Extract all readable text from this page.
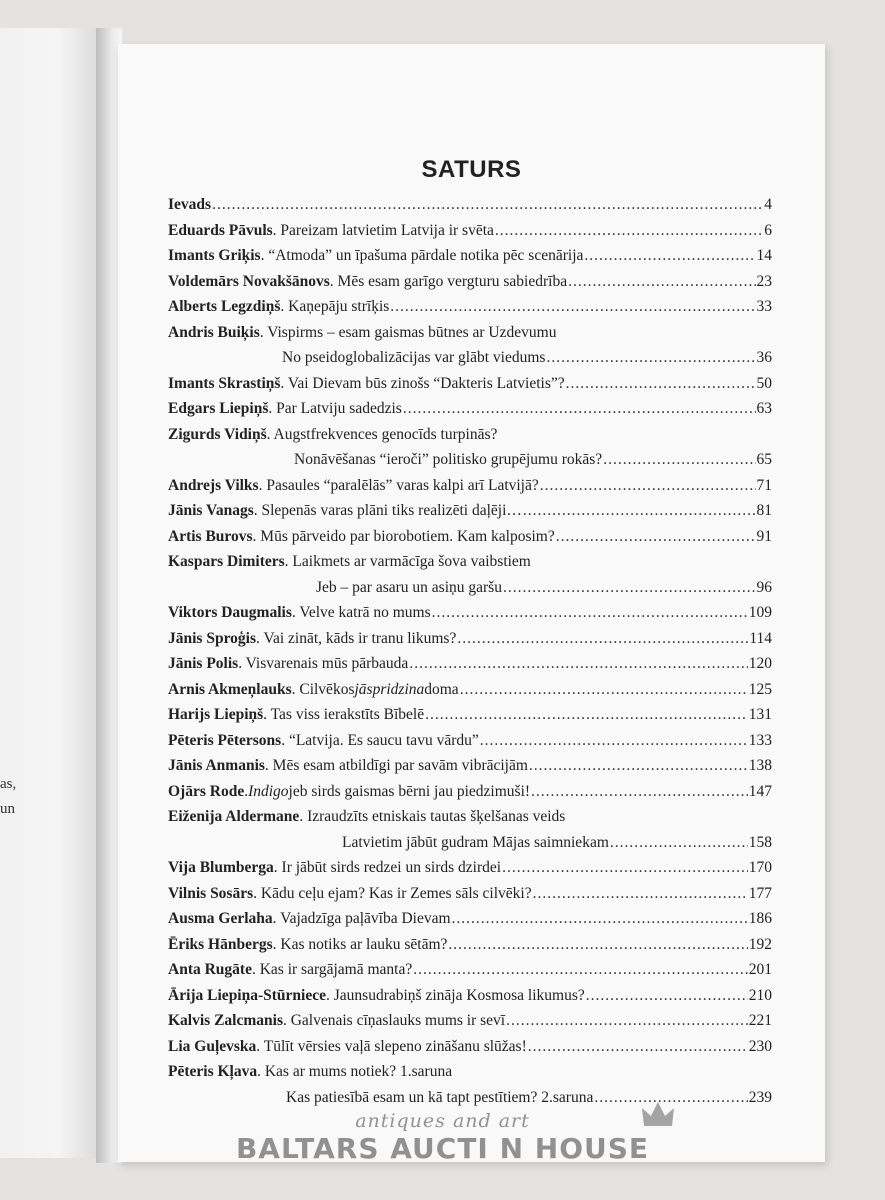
as,
un
SATURS
Ievads .....	4
Eduards Pāvuls . Pareizam latvietim Latvija ir svēta .....	6
Imants Griķis . “Atmoda” un īpašuma pārdale notika pēc scenārija .....	14
Voldemārs Novakšānovs . Mēs esam garīgo vergturu sabiedrība .....	23
Alberts Legzdiņš . Kaņepāju strīķis .....	33
Andris Buiķis . Vispirms – esam gaismas būtnes ar Uzdevumu
No pseidoglobalizācijas var glābt viedums .....	36
Imants Skrastiņš . Vai Dievam būs zinošs “Dakteris Latvietis”? .....	50
Edgars Liepiņš . Par Latviju sadedzis .....	63
Zigurds Vidiņš . Augstfrekvences genocīds turpinās?
Nonāvēšanas “ieroči” politisko grupējumu rokās? .....	65
Andrejs Vilks . Pasaules “paralēlās” varas kalpi arī Latvijā? .....	71
Jānis Vanags . Slepenās varas plāni tiks realizēti daļēji… .....	81
Artis Burovs . Mūs pārveido par biorobotiem. Kam kalposim? .....	91
Kaspars Dimiters . Laikmets ar varmācīga šova vaibstiem
Jeb – par asaru un asiņu garšu .....	96
Viktors Daugmalis . Velve katrā no mums .....	109
Jānis Sproģis . Vai zināt, kāds ir tranu likums? .....	114
Jānis Polis . Visvarenais mūs pārbauda .....	120
Arnis Akmeņlauks . Cilvēkos jāspridzina doma .....	125
Harijs Liepiņš . Tas viss ierakstīts Bībelē .....	131
Pēteris Pētersons . “Latvija. Es saucu tavu vārdu” .....	133
Jānis Anmanis . Mēs esam atbildīgi par savām vibrācijām .....	138
Ojārs Rode . Indigo jeb sirds gaismas bērni jau piedzimuši! .....	147
Eiženija Aldermane . Izraudzīts etniskais tautas šķelšanas veids
Latvietim jābūt gudram Mājas saimniekam .....	158
Vija Blumberga . Ir jābūt sirds redzei un sirds dzirdei .....	170
Vilnis Sosārs . Kādu ceļu ejam? Kas ir Zemes sāls cilvēki? .....	177
Ausma Gerlaha . Vajadzīga paļāvība Dievam .....	186
Ēriks Hānbergs . Kas notiks ar lauku sētām? .....	192
Anta Rugāte . Kas ir sargājamā manta? .....	201
Ārija Liepiņa-Stūrniece . Jaunsudrabiņš zināja Kosmosa likumus? .....	210
Kalvis Zalcmanis . Galvenais cīņaslauks mums ir sevī .....	221
Lia Guļevska . Tūlīt vērsies vaļā slepeno zināšanu slūžas! .....	230
Pēteris Kļava . Kas ar mums notiek? 1.saruna
Kas patiesībā esam un kā tapt pestītiem? 2.saruna .....	239
antiques and art
BALTARS AUCTI N HOUSE
